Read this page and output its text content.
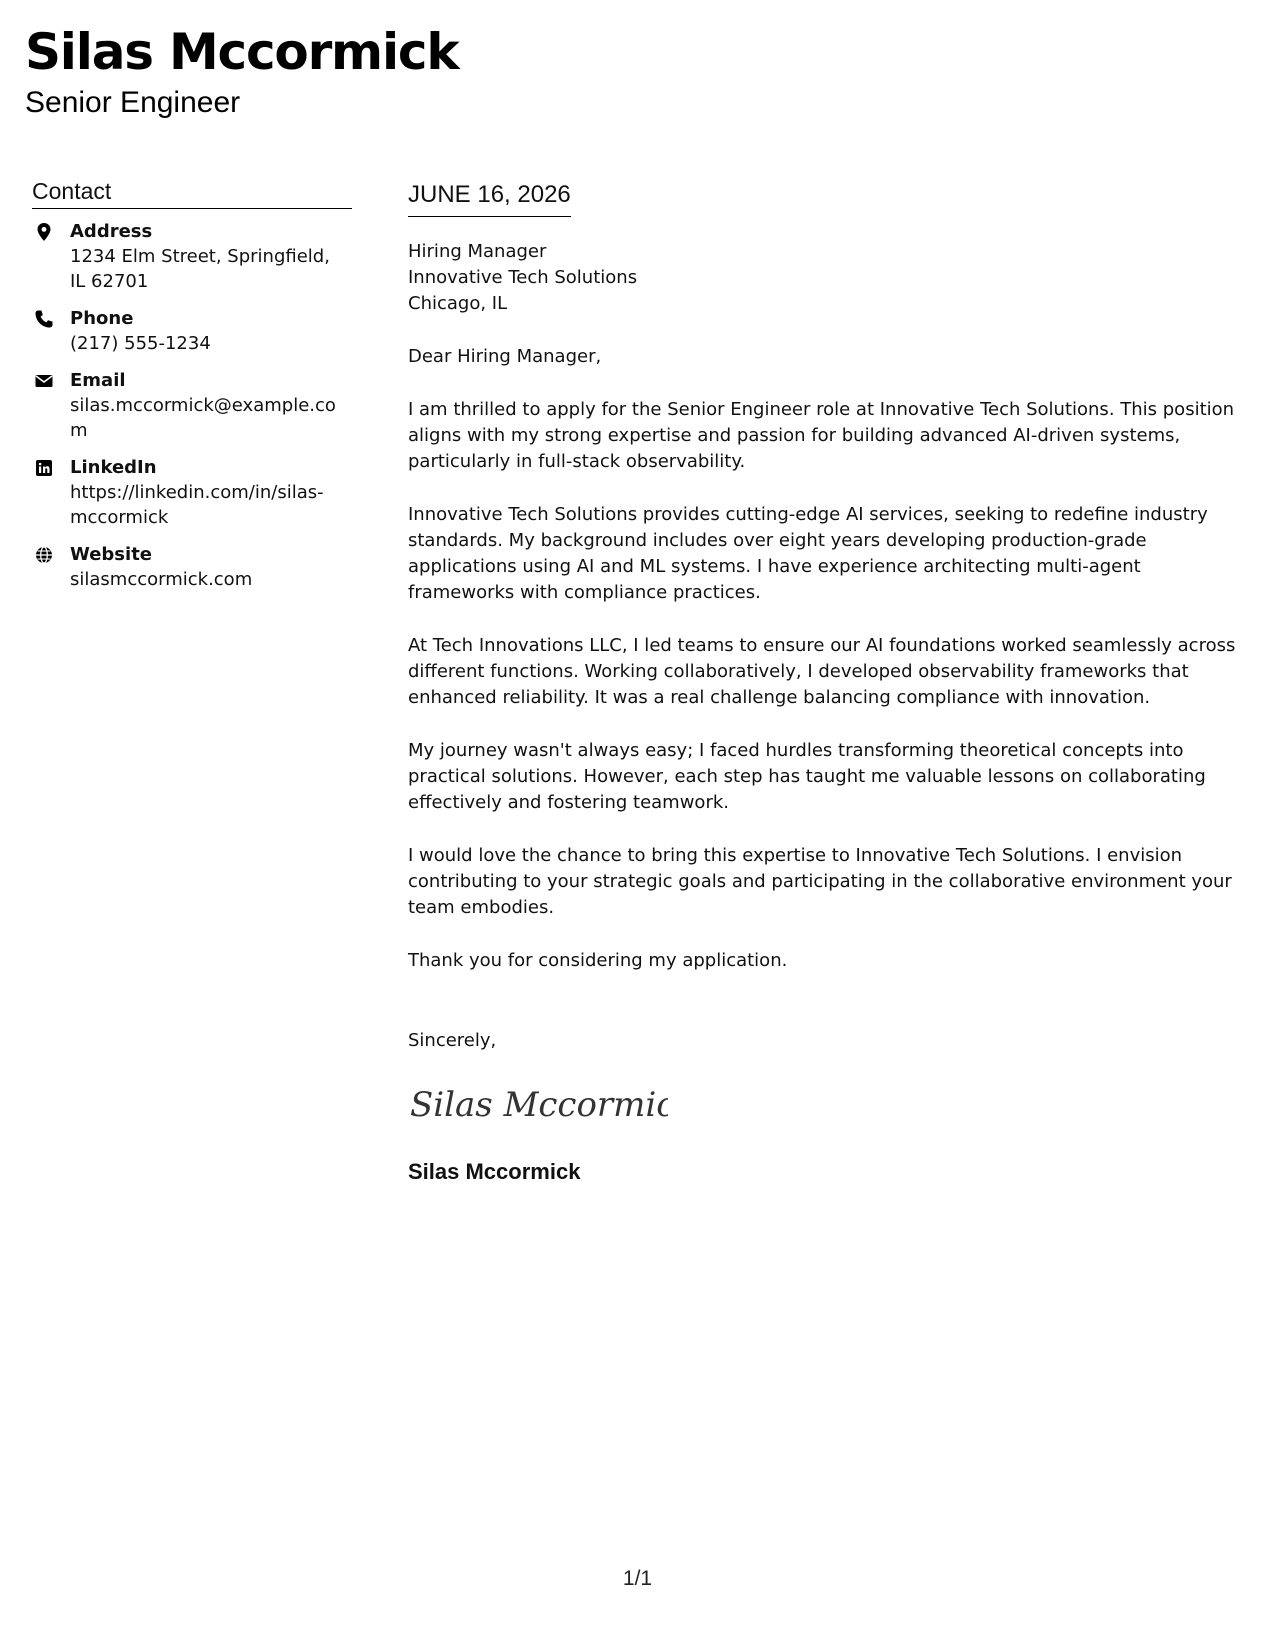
Silas Mccormick
Senior Engineer
Contact
Address
1234 Elm Street, Springfield, IL 62701
Phone
(217) 555-1234
Email
silas.mccormick@example.com
LinkedIn
https://linkedin.com/in/silas-mccormick
Website
silasmccormick.com
JUNE 16, 2026
Hiring Manager
Innovative Tech Solutions
Chicago, IL
Dear Hiring Manager,
I am thrilled to apply for the Senior Engineer role at Innovative Tech Solutions. This position aligns with my strong expertise and passion for building advanced AI-driven systems, particularly in full-stack observability.
Innovative Tech Solutions provides cutting-edge AI services, seeking to redefine industry standards. My background includes over eight years developing production-grade applications using AI and ML systems. I have experience architecting multi-agent frameworks with compliance practices.
At Tech Innovations LLC, I led teams to ensure our AI foundations worked seamlessly across different functions. Working collaboratively, I developed observability frameworks that enhanced reliability. It was a real challenge balancing compliance with innovation.
My journey wasn't always easy; I faced hurdles transforming theoretical concepts into practical solutions. However, each step has taught me valuable lessons on collaborating effectively and fostering teamwork.
I would love the chance to bring this expertise to Innovative Tech Solutions. I envision contributing to your strategic goals and participating in the collaborative environment your team embodies.
Thank you for considering my application.
Sincerely,
Silas Mccormick
Silas Mccormick
1/1
